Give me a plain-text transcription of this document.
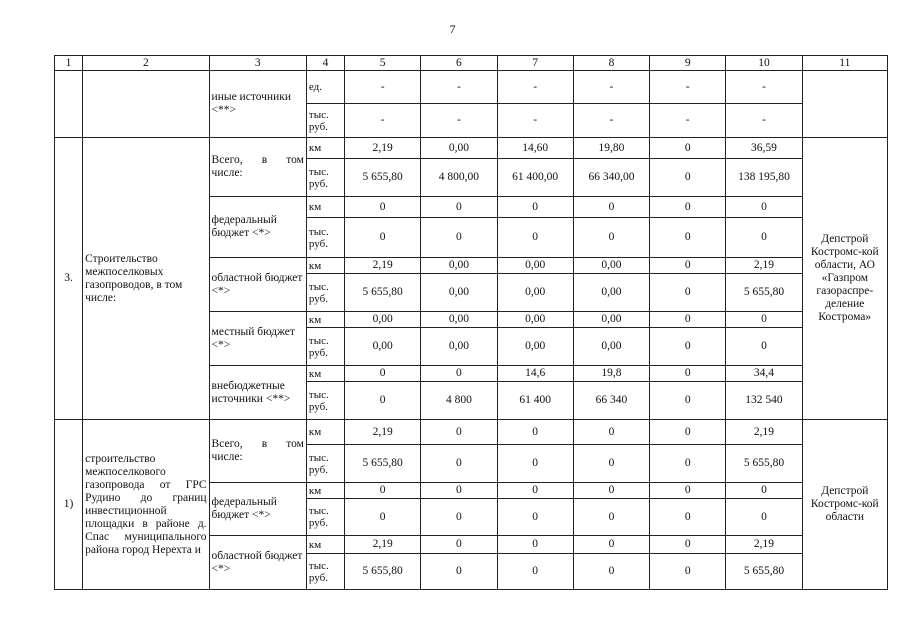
7
1	2	3	4	5	6	7	8	9	10	11
		иные источники <**>	ед.	-	-	-	-	-	-	
			тыс. руб.	-	-	-	-	-	-	
3.	Строительство межпоселковых газопроводов, в том числе:	Всего, в том числе:	км	2,19	0,00	14,60	19,80	0	36,59	Депстрой Костромс-кой области, АО «Газпром газораспре-деление Кострома»
			тыс. руб.	5 655,80	4 800,00	61 400,00	66 340,00	0	138 195,80	
		федеральный бюджет <*>	км	0	0	0	0	0	0	
			тыс. руб.	0	0	0	0	0	0	
		областной бюджет <*>	км	2,19	0,00	0,00	0,00	0	2,19	
			тыс. руб.	5 655,80	0,00	0,00	0,00	0	5 655,80	
		местный бюджет <*>	км	0,00	0,00	0,00	0,00	0	0	
			тыс. руб.	0,00	0,00	0,00	0,00	0	0	
		внебюджетные источники <**>	км	0	0	14,6	19,8	0	34,4	
			тыс. руб.	0	4 800	61 400	66 340	0	132 540	
1)	строительство межпоселкового газопровода от ГРС Рудино до границ инвестиционной площадки в районе д. Спас муниципального района город Нерехта и	Всего, в том числе:	км	2,19	0	0	0	0	2,19	Депстрой Костромс-кой области
			тыс. руб.	5 655,80	0	0	0	0	5 655,80	
		федеральный бюджет <*>	км	0	0	0	0	0	0	
			тыс. руб.	0	0	0	0	0	0	
		областной бюджет <*>	км	2,19	0	0	0	0	2,19	
			тыс. руб.	5 655,80	0	0	0	0	5 655,80	
